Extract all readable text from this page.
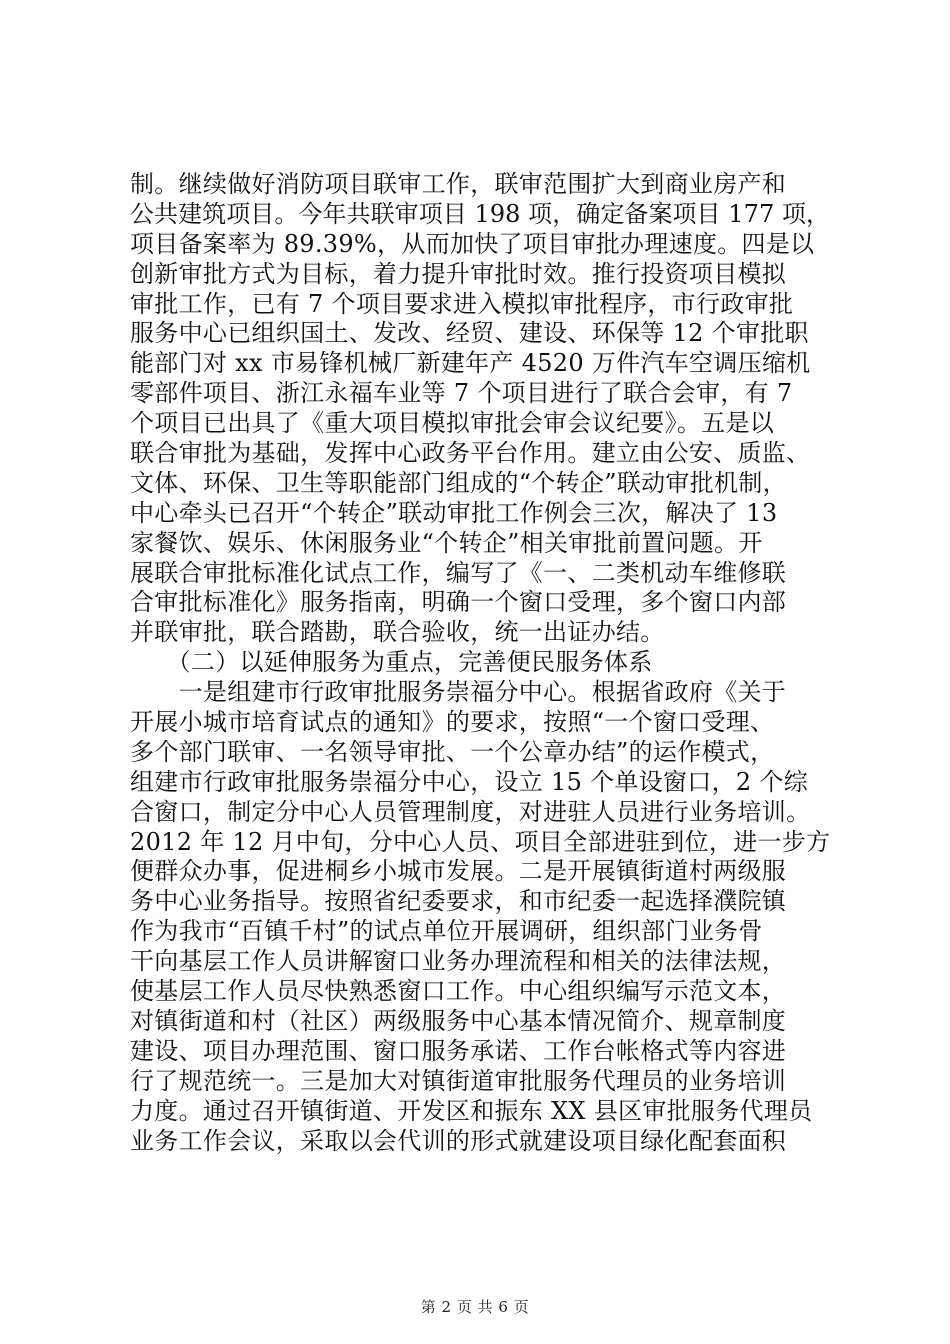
制。继续做好消防项目联审工作，联审范围扩大到商业房产和
公共建筑项目。今年共联审项目 198 项，确定备案项目 177 项，
项目备案率为 89.39%，从而加快了项目审批办理速度。四是以
创新审批方式为目标，着力提升审批时效。推行投资项目模拟
审批工作，已有 7 个项目要求进入模拟审批程序，市行政审批
服务中心已组织国土、发改、经贸、建设、环保等 12 个审批职
能部门对 xx 市易锋机械厂新建年产 4520 万件汽车空调压缩机
零部件项目、浙江永福车业等 7 个项目进行了联合会审，有 7
个项目已出具了《重大项目模拟审批会审会议纪要》。五是以
联合审批为基础，发挥中心政务平台作用。建立由公安、质监、
文体、环保、卫生等职能部门组成的“个转企”联动审批机制，
中心牵头已召开“个转企”联动审批工作例会三次，解决了 13
家餐饮、娱乐、休闲服务业“个转企”相关审批前置问题。开
展联合审批标准化试点工作，编写了《一、二类机动车维修联
合审批标准化》服务指南，明确一个窗口受理，多个窗口内部
并联审批，联合踏勘，联合验收，统一出证办结。
　　（二）以延伸服务为重点，完善便民服务体系
　　一是组建市行政审批服务崇福分中心。根据省政府《关于
开展小城市培育试点的通知》的要求，按照“一个窗口受理、
多个部门联审、一名领导审批、一个公章办结”的运作模式，
组建市行政审批服务崇福分中心，设立 15 个单设窗口，2 个综
合窗口，制定分中心人员管理制度，对进驻人员进行业务培训。
2012 年 12 月中旬，分中心人员、项目全部进驻到位，进一步方
便群众办事，促进桐乡小城市发展。二是开展镇街道村两级服
务中心业务指导。按照省纪委要求，和市纪委一起选择濮院镇
作为我市“百镇千村”的试点单位开展调研，组织部门业务骨
干向基层工作人员讲解窗口业务办理流程和相关的法律法规，
使基层工作人员尽快熟悉窗口工作。中心组织编写示范文本，
对镇街道和村（社区）两级服务中心基本情况简介、规章制度
建设、项目办理范围、窗口服务承诺、工作台帐格式等内容进
行了规范统一。三是加大对镇街道审批服务代理员的业务培训
力度。通过召开镇街道、开发区和振东 XX 县区审批服务代理员
业务工作会议，采取以会代训的形式就建设项目绿化配套面积
第 2 页 共 6 页
